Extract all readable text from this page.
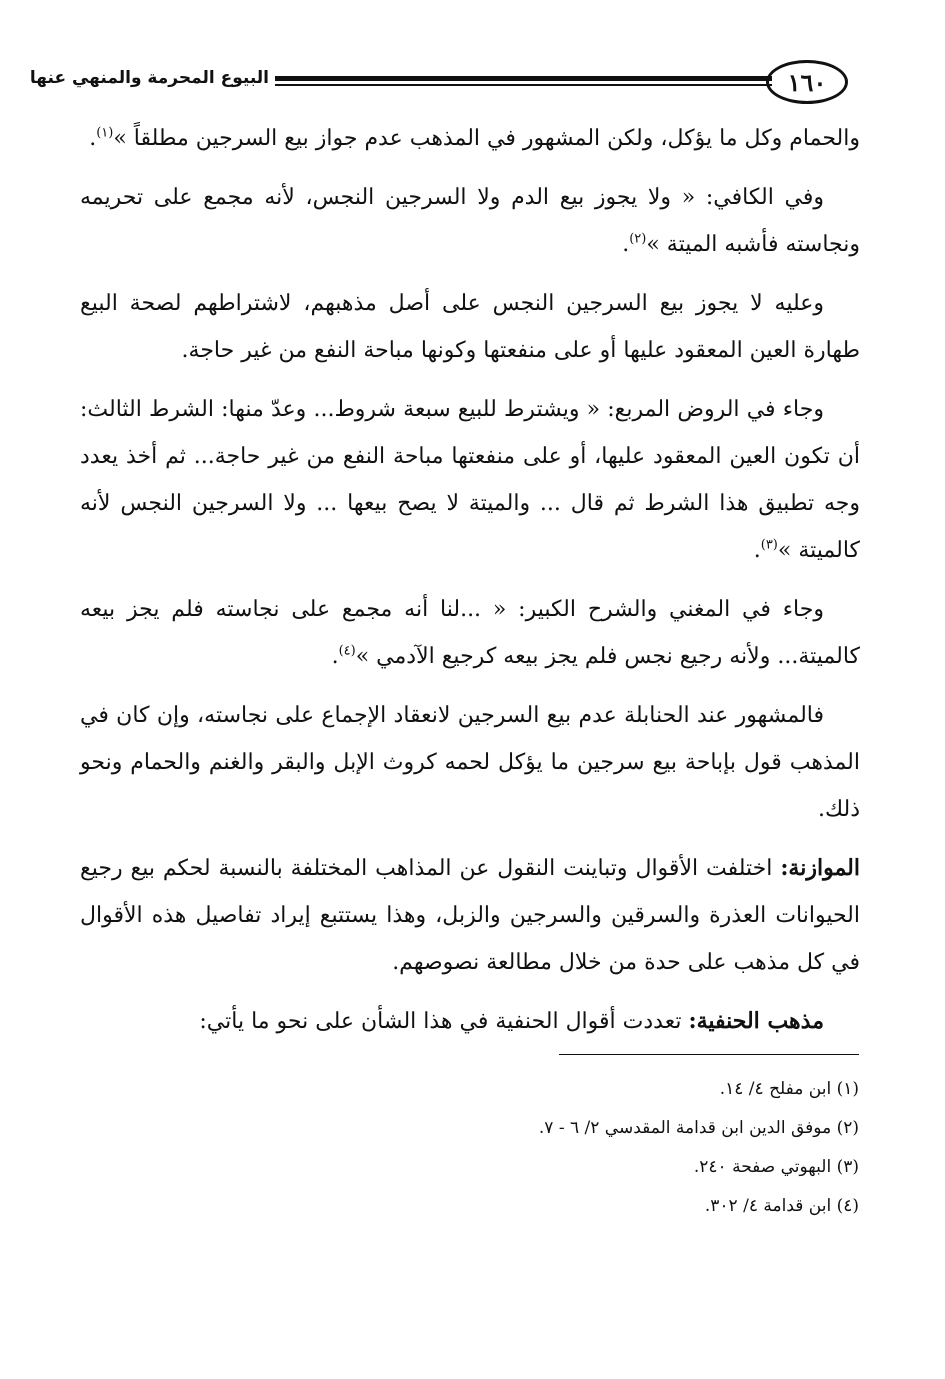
١٦٠
البيوع المحرمة والمنهي عنها

والحمام وكل ما يؤكل، ولكن المشهور في المذهب عدم جواز بيع السرجين مطلقاً »$^{(١)}$.

وفي الكافي: « ولا يجوز بيع الدم ولا السرجين النجس، لأنه مجمع على تحريمه ونجاسته فأشبه الميتة »$^{(٢)}$.

وعليه لا يجوز بيع السرجين النجس على أصل مذهبهم، لاشتراطهم لصحة البيع طهارة العين المعقود عليها أو على منفعتها وكونها مباحة النفع من غير حاجة.

وجاء في الروض المربع: « ويشترط للبيع سبعة شروط... وعدّ منها: الشرط الثالث: أن تكون العين المعقود عليها، أو على منفعتها مباحة النفع من غير حاجة... ثم أخذ يعدد وجه تطبيق هذا الشرط ثم قال ... والميتة لا يصح بيعها ... ولا السرجين النجس لأنه كالميتة »$^{(٣)}$.

وجاء في المغني والشرح الكبير: « ...لنا أنه مجمع على نجاسته فلم يجز بيعه كالميتة... ولأنه رجيع نجس فلم يجز بيعه كرجيع الآدمي »$^{(٤)}$.

فالمشهور عند الحنابلة عدم بيع السرجين لانعقاد الإجماع على نجاسته، وإن كان في المذهب قول بإباحة بيع سرجين ما يؤكل لحمه كروث الإبل والبقر والغنم والحمام ونحو ذلك.

الموازنة: اختلفت الأقوال وتباينت النقول عن المذاهب المختلفة بالنسبة لحكم بيع رجيع الحيوانات العذرة والسرقين والسرجين والزبل، وهذا يستتبع إيراد تفاصيل هذه الأقوال في كل مذهب على حدة من خلال مطالعة نصوصهم.

مذهب الحنفية: تعددت أقوال الحنفية في هذا الشأن على نحو ما يأتي:

(١) ابن مفلح ٤/ ١٤.

(٢) موفق الدين ابن قدامة المقدسي ٢/ ٦ - ٧.

(٣) البهوتي صفحة ٢٤٠.

(٤) ابن قدامة ٤/ ٣٠٢.
